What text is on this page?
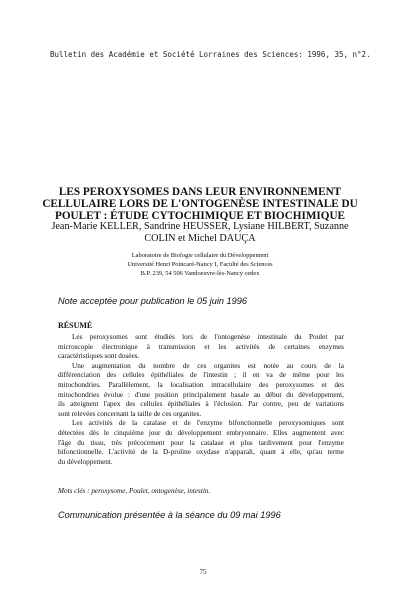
Bulletin des Académie et Société Lorraines des Sciences: 1996, 35, n°2.
LES PEROXYSOMES DANS LEUR ENVIRONNEMENT
CELLULAIRE LORS DE L'ONTOGENÈSE INTESTINALE DU
POULET : ÉTUDE CYTOCHIMIQUE ET BIOCHIMIQUE
Jean-Marie KELLER, Sandrine HEUSSER, Lysiane HILBERT, Suzanne
COLIN et Michel DAUÇA
Laboratoire de Biologie cellulaire du Développement
Université Henri Poincaré-Nancy I, Faculté des Sciences
B.P. 239, 54 506 Vandoeuvre-lès-Nancy cedex
Note acceptée pour publication le 05 juin 1996
RÉSUMÉ
Les peroxysomes sont étudiés lors de l'ontogenèse intestinale du Poulet par
microscopie électronique à transmission et les activités de certaines enzymes
caractéristiques sont dosées.
Une augmentation du nombre de ces organites est notée au cours de la
différenciation des cellules épithéliales de l'intestin ; il en va de même pour les
mitochondries. Parallèlement, la localisation intracellulaire des peroxysomes et des
mitochondries évolue : d'une position principalement basale au début du développement,
ils atteignent l'apex des cellules épithéliales à l'éclosion. Par contre, peu de variations
sont relevées concernant la taille de ces organites.
Les activités de la catalase et de l'enzyme bifonctionnelle peroxysomiques sont
détectées dès le cinquième jour du développement embryonnaire. Elles augmentent avec
l'âge du tissu, très précocement pour la catalase et plus tardivement pour l'enzyme
bifonctionnelle. L'activité de la D-proline oxydase n'apparaît, quant à elle, qu'au terme
du développement.
Mots clés : peroxysome, Poulet, ontogenèse, intestin.
Communication présentée à la séance du 09 mai 1996
75
